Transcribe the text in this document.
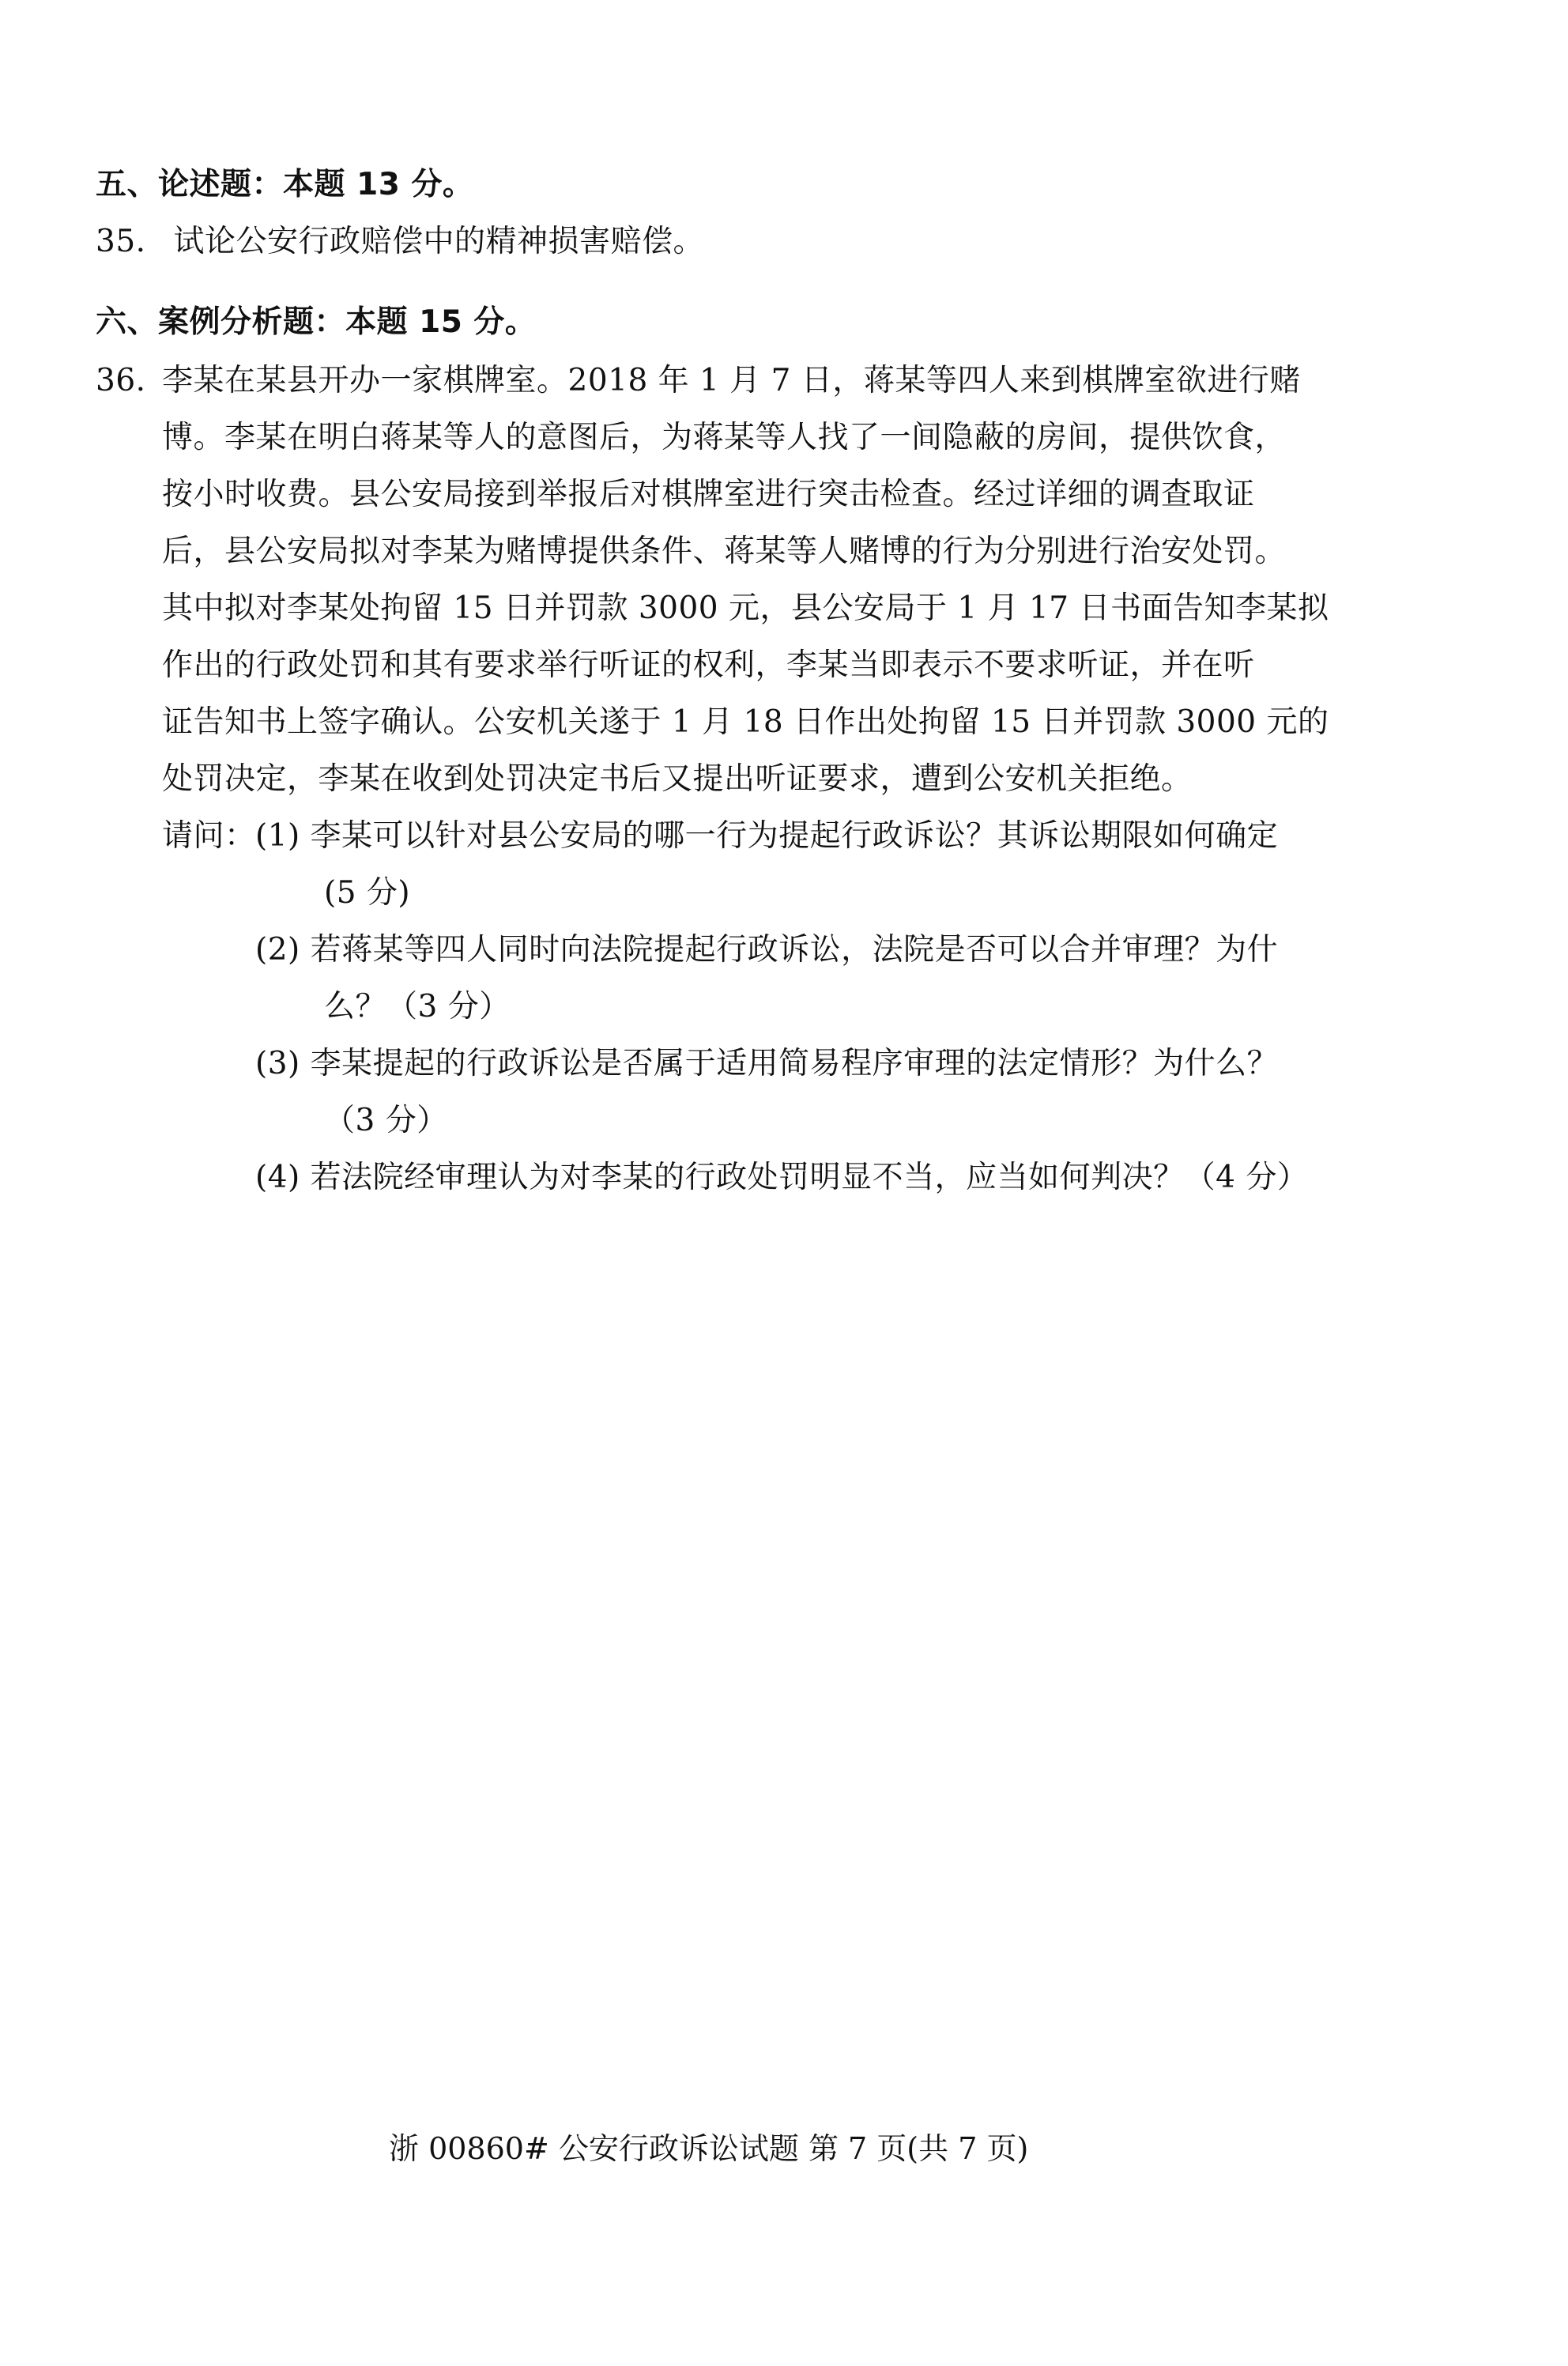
五、论述题：本题 13 分。
35. 试论公安行政赔偿中的精神损害赔偿。
六、案例分析题：本题 15 分。
36. 李某在某县开办一家棋牌室。2018 年 1 月 7 日，蒋某等四人来到棋牌室欲进行赌
博。李某在明白蒋某等人的意图后，为蒋某等人找了一间隐蔽的房间，提供饮食，
按小时收费。县公安局接到举报后对棋牌室进行突击检查。经过详细的调查取证
后，县公安局拟对李某为赌博提供条件、蒋某等人赌博的行为分别进行治安处罚。
其中拟对李某处拘留 15 日并罚款 3000 元，县公安局于 1 月 17 日书面告知李某拟
作出的行政处罚和其有要求举行听证的权利，李某当即表示不要求听证，并在听
证告知书上签字确认。公安机关遂于 1 月 18 日作出处拘留 15 日并罚款 3000 元的
处罚决定，李某在收到处罚决定书后又提出听证要求，遭到公安机关拒绝。
请问： (1) 李某可以针对县公安局的哪一行为提起行政诉讼？其诉讼期限如何确定
(5 分)
(2) 若蒋某等四人同时向法院提起行政诉讼，法院是否可以合并审理？为什
么？（3 分）
(3) 李某提起的行政诉讼是否属于适用简易程序审理的法定情形？为什么？
（3 分）
(4) 若法院经审理认为对李某的行政处罚明显不当，应当如何判决？（4 分）
浙 00860# 公安行政诉讼试题 第 7 页(共 7 页)
